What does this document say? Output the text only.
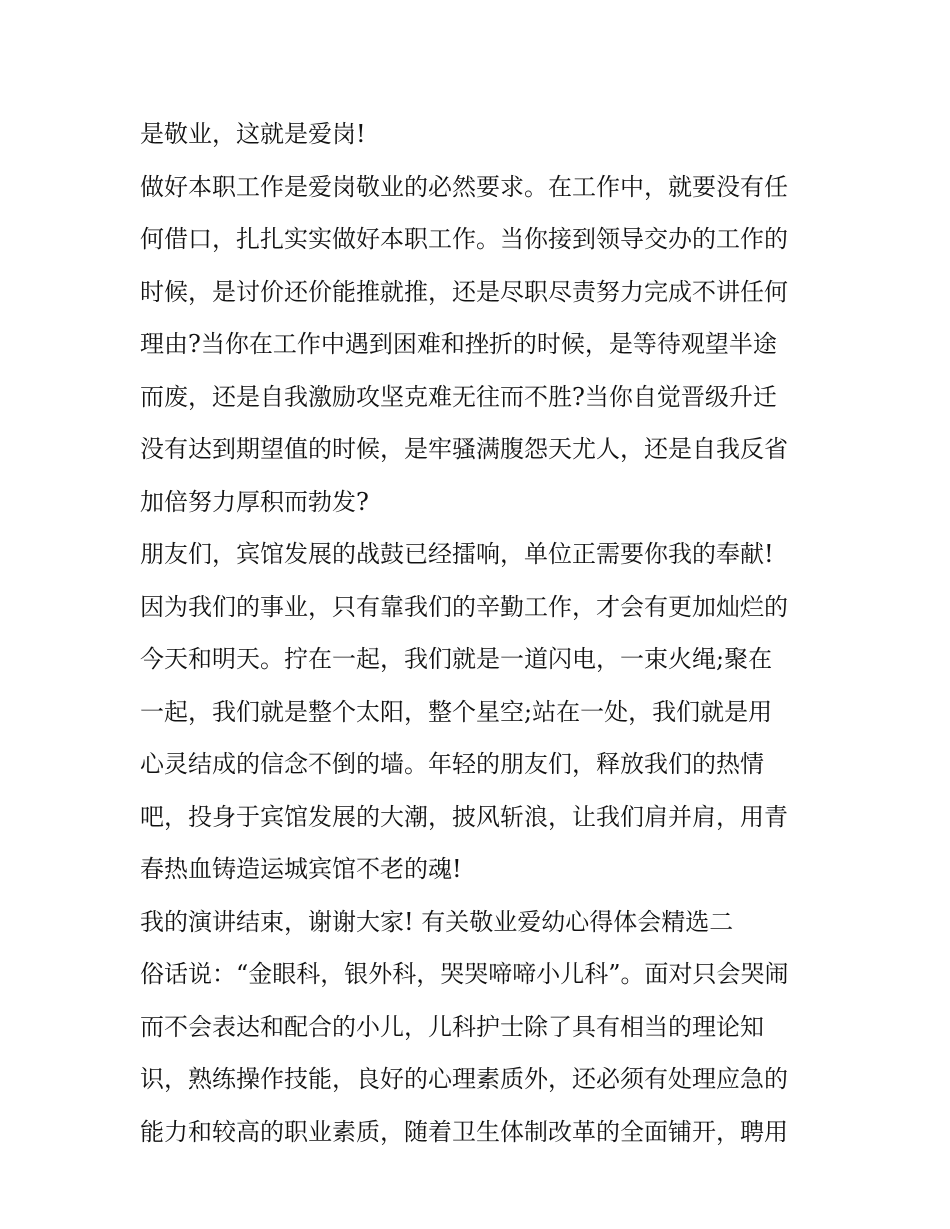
是敬业，这就是爱岗!
做好本职工作是爱岗敬业的必然要求。在工作中，就要没有任
何借口，扎扎实实做好本职工作。当你接到领导交办的工作的
时候，是讨价还价能推就推，还是尽职尽责努力完成不讲任何
理由?当你在工作中遇到困难和挫折的时候，是等待观望半途
而废，还是自我激励攻坚克难无往而不胜?当你自觉晋级升迁
没有达到期望值的时候，是牢骚满腹怨天尤人，还是自我反省
加倍努力厚积而勃发?
朋友们，宾馆发展的战鼓已经擂响，单位正需要你我的奉献!
因为我们的事业，只有靠我们的辛勤工作，才会有更加灿烂的
今天和明天。拧在一起，我们就是一道闪电，一束火绳;聚在
一起，我们就是整个太阳，整个星空;站在一处，我们就是用
心灵结成的信念不倒的墙。年轻的朋友们，释放我们的热情
吧，投身于宾馆发展的大潮，披风斩浪，让我们肩并肩，用青
春热血铸造运城宾馆不老的魂!
我的演讲结束，谢谢大家! 有关敬业爱幼心得体会精选二
俗话说：“金眼科，银外科，哭哭啼啼小儿科”。面对只会哭闹
而不会表达和配合的小儿，儿科护士除了具有相当的理论知
识，熟练操作技能，良好的心理素质外，还必须有处理应急的
能力和较高的职业素质，随着卫生体制改革的全面铺开，聘用
